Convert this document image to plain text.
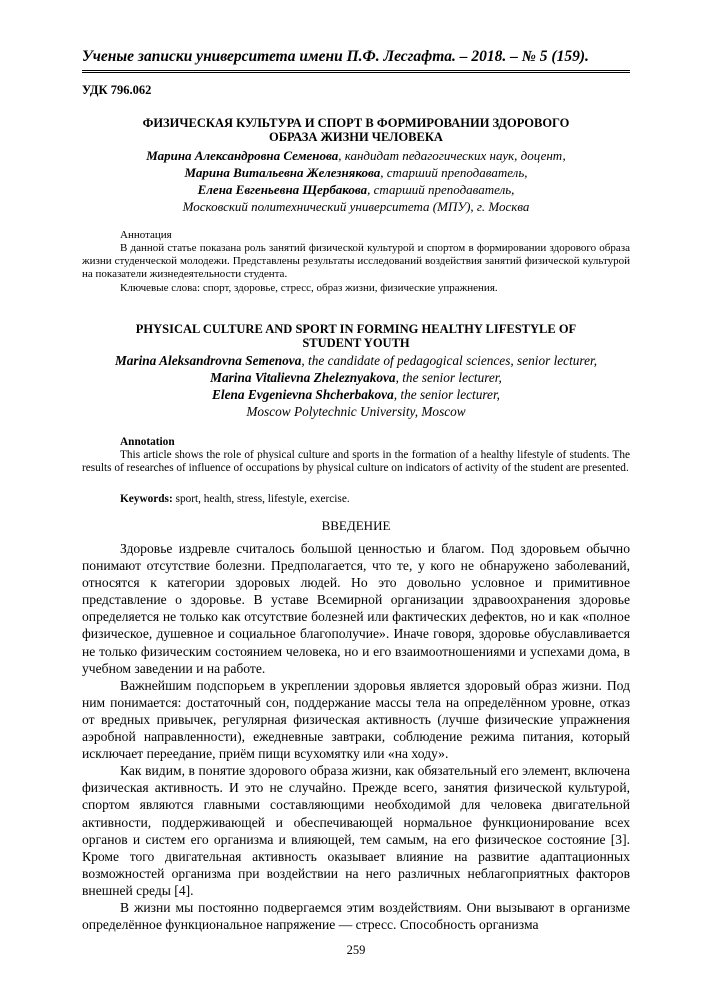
Ученые записки университета имени П.Ф. Лесгафта. – 2018. – № 5 (159).
УДК 796.062
ФИЗИЧЕСКАЯ КУЛЬТУРА И СПОРТ В ФОРМИРОВАНИИ ЗДОРОВОГО
ОБРАЗА ЖИЗНИ ЧЕЛОВЕКА
Марина Александровна Семенова, кандидат педагогических наук, доцент,
Марина Витальевна Железнякова, старший преподаватель,
Елена Евгеньевна Щербакова, старший преподаватель,
Московский политехнический университета (МПУ), г. Москва
Аннотация
В данной статье показана роль занятий физической культурой и спортом в формировании здорового образа жизни студенческой молодежи. Представлены результаты исследований воздействия занятий физической культурой на показатели жизнедеятельности студента.
Ключевые слова: спорт, здоровье, стресс, образ жизни, физические упражнения.
PHYSICAL CULTURE AND SPORT IN FORMING HEALTHY LIFESTYLE OF
STUDENT YOUTH
Marina Aleksandrovna Semenova, the candidate of pedagogical sciences, senior lecturer,
Marina Vitalievna Zheleznyakova, the senior lecturer,
Elena Evgenievna Shcherbakova, the senior lecturer,
Moscow Polytechnic University, Moscow
Annotation
This article shows the role of physical culture and sports in the formation of a healthy lifestyle of students. The results of researches of influence of occupations by physical culture on indicators of activity of the student are presented.
Keywords: sport, health, stress, lifestyle, exercise.
ВВЕДЕНИЕ

Здоровье издревле считалось большой ценностью и благом. Под здоровьем обычно понимают отсутствие болезни. Предполагается, что те, у кого не обнаружено заболеваний, относятся к категории здоровых людей. Но это довольно условное и примитивное представление о здоровье. В уставе Всемирной организации здравоохранения здоровье определяется не только как отсутствие болезней или фактических дефектов, но и как «полное физическое, душевное и социальное благополучие». Иначе говоря, здоровье обуславливается не только физическим состоянием человека, но и его взаимоотношениями и успехами дома, в учебном заведении и на работе.

Важнейшим подспорьем в укреплении здоровья является здоровый образ жизни. Под ним понимается: достаточный сон, поддержание массы тела на определённом уровне, отказ от вредных привычек, регулярная физическая активность (лучше физические упражнения аэробной направленности), ежедневные завтраки, соблюдение режима питания, который исключает переедание, приём пищи всухомятку или «на ходу».

Как видим, в понятие здорового образа жизни, как обязательный его элемент, включена физическая активность. И это не случайно. Прежде всего, занятия физической культурой, спортом являются главными составляющими необходимой для человека двигательной активности, поддерживающей и обеспечивающей нормальное функционирование всех органов и систем его организма и влияющей, тем самым, на его физическое состояние [3]. Кроме того двигательная активность оказывает влияние на развитие адаптационных возможностей организма при воздействии на него различных неблагоприятных факторов внешней среды [4].

В жизни мы постоянно подвергаемся этим воздействиям. Они вызывают в организме определённое функциональное напряжение — стресс. Способность организма

259
